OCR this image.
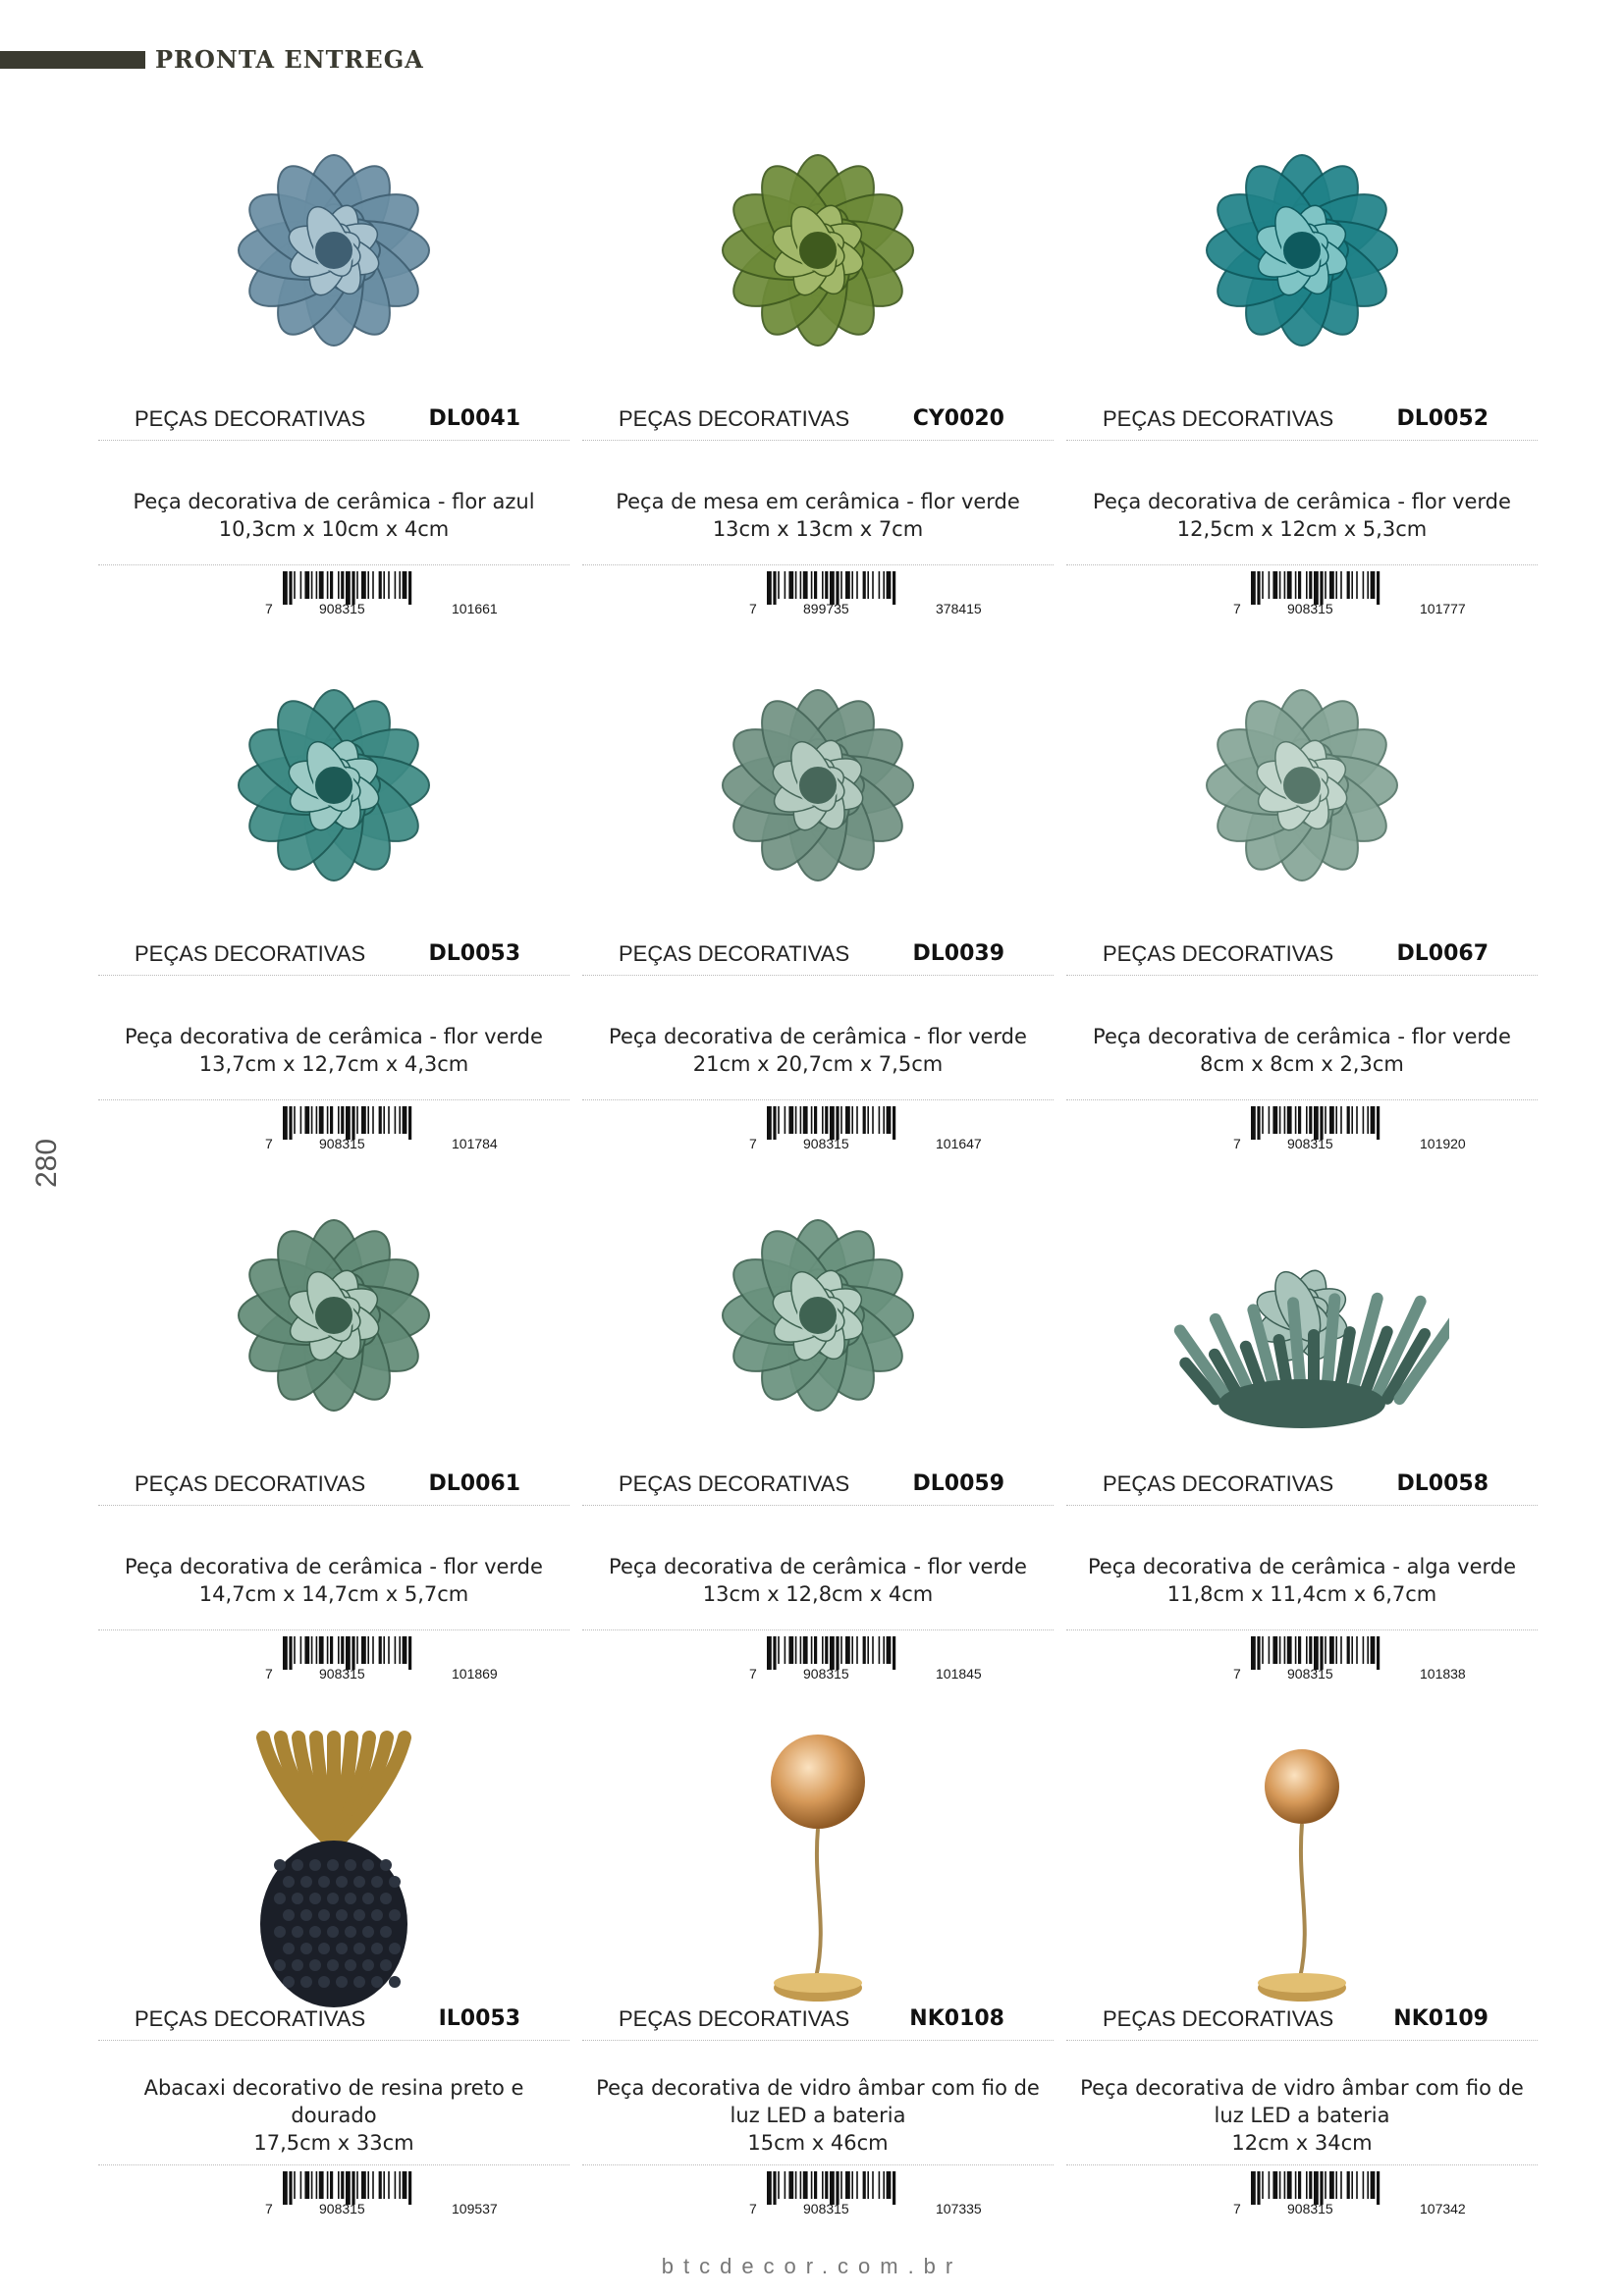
PRONTA ENTREGA
280
PEÇAS DECORATIVAS	DL0041
Peça decorativa de cerâmica - flor azul
10,3cm x 10cm x 4cm
7	908315	101661
PEÇAS DECORATIVAS	CY0020
Peça de mesa em cerâmica - flor verde
13cm x 13cm x 7cm
7	899735	378415
PEÇAS DECORATIVAS	DL0052
Peça decorativa de cerâmica - flor verde
12,5cm x 12cm x 5,3cm
7	908315	101777
PEÇAS DECORATIVAS	DL0053
Peça decorativa de cerâmica - flor verde
13,7cm x 12,7cm x 4,3cm
7	908315	101784
PEÇAS DECORATIVAS	DL0039
Peça decorativa de cerâmica - flor verde
21cm x 20,7cm x 7,5cm
7	908315	101647
PEÇAS DECORATIVAS	DL0067
Peça decorativa de cerâmica - flor verde
8cm x 8cm x 2,3cm
7	908315	101920
PEÇAS DECORATIVAS	DL0061
Peça decorativa de cerâmica - flor verde
14,7cm x 14,7cm x 5,7cm
7	908315	101869
PEÇAS DECORATIVAS	DL0059
Peça decorativa de cerâmica - flor verde
13cm x 12,8cm x 4cm
7	908315	101845
PEÇAS DECORATIVAS	DL0058
Peça decorativa de cerâmica - alga verde
11,8cm x 11,4cm x 6,7cm
7	908315	101838
PEÇAS DECORATIVAS	IL0053
Abacaxi decorativo de resina preto e dourado
17,5cm x 33cm
7	908315	109537
PEÇAS DECORATIVAS	NK0108
Peça decorativa de vidro âmbar com fio de
luz LED a bateria
15cm x 46cm
7	908315	107335
PEÇAS DECORATIVAS	NK0109
Peça decorativa de vidro âmbar com fio de
luz LED a bateria
12cm x 34cm
7	908315	107342
btcdecor.com.br
